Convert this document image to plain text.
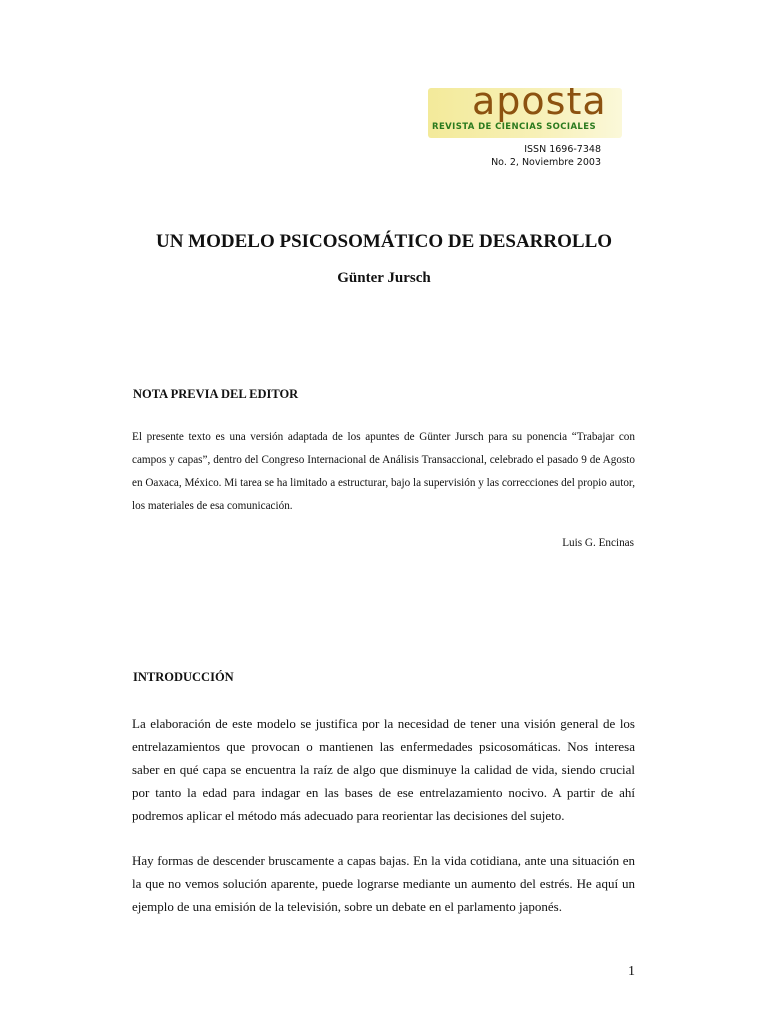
aposta
REVISTA DE CIENCIAS SOCIALES
ISSN 1696-7348
No. 2, Noviembre 2003
UN MODELO PSICOSOMÁTICO DE DESARROLLO
Günter Jursch
NOTA PREVIA DEL EDITOR
El presente texto es una versión adaptada de los apuntes de Günter Jursch para su ponencia “Trabajar con campos y capas”, dentro del Congreso Internacional de Análisis Transaccional, celebrado el pasado 9 de Agosto en Oaxaca, México. Mi tarea se ha limitado a estructurar, bajo la supervisión y las correcciones del propio autor, los materiales de esa comunicación.
Luis G. Encinas
INTRODUCCIÓN
La elaboración de este modelo se justifica por la necesidad de tener una visión general de los entrelazamientos que provocan o mantienen las enfermedades psicosomáticas. Nos interesa saber en qué capa se encuentra la raíz de algo que disminuye la calidad de vida, siendo crucial por tanto la edad para indagar en las bases de ese entrelazamiento nocivo. A partir de ahí podremos aplicar el método más adecuado para reorientar las decisiones del sujeto.
Hay formas de descender bruscamente a capas bajas. En la vida cotidiana, ante una situación en la que no vemos solución aparente, puede lograrse mediante un aumento del estrés. He aquí un ejemplo de una emisión de la televisión, sobre un debate en el parlamento japonés.
1
